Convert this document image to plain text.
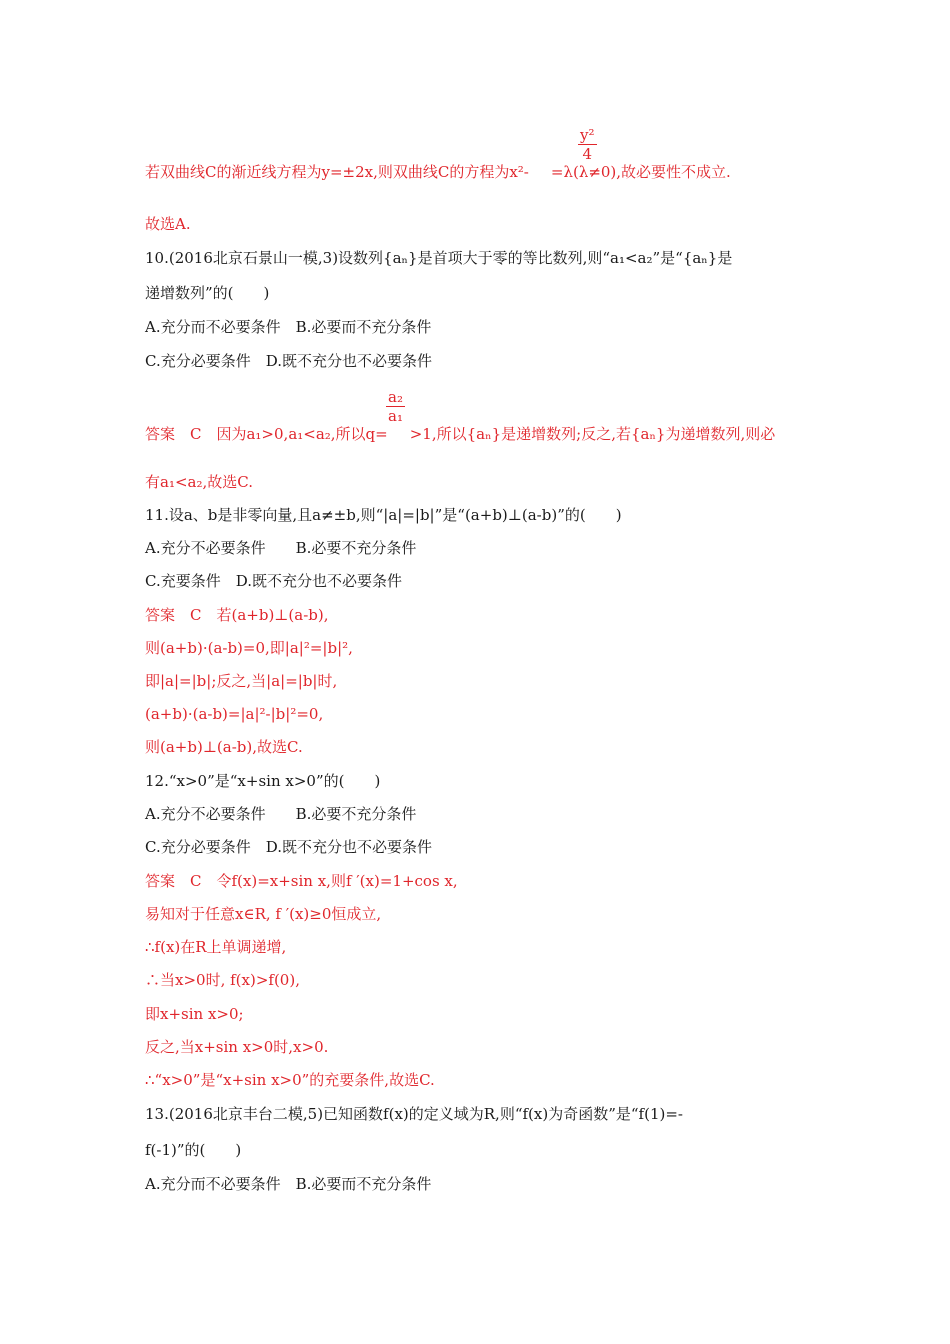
$\frac{\text{y²}}{4}$
若双曲线C的渐近线方程为y=±2x,则双曲线C的方程为x²- =λ(λ≠0),故必要性不成立.
故选A.
10.(2016北京石景山一模,3)设数列{aₙ}是首项大于零的等比数列,则“a₁<a₂”是“{aₙ}是
递增数列”的(　　)
A.充分而不必要条件　B.必要而不充分条件
C.充分必要条件　D.既不充分也不必要条件
$\frac{\text{a₂}}{\text{a₁}}$
答案　C　因为a₁>0,a₁<a₂,所以q= >1,所以{aₙ}是递增数列;反之,若{aₙ}为递增数列,则必
有a₁<a₂,故选C.
11.设a、b是非零向量,且a≠±b,则“|a|=|b|”是“(a+b)⊥(a-b)”的(　　)
A.充分不必要条件　　B.必要不充分条件
C.充要条件　D.既不充分也不必要条件
答案　C　若(a+b)⊥(a-b),
则(a+b)·(a-b)=0,即|a|²=|b|²,
即|a|=|b|;反之,当|a|=|b|时,
(a+b)·(a-b)=|a|²-|b|²=0,
则(a+b)⊥(a-b),故选C.
12.“x>0”是“x+sin x>0”的(　　)
A.充分不必要条件　　B.必要不充分条件
C.充分必要条件　D.既不充分也不必要条件
答案　C　令f(x)=x+sin x,则f ′(x)=1+cos x,
易知对于任意x∈R, f ′(x)≥0恒成立,
∴f(x)在R上单调递增,
∴当x>0时, f(x)>f(0),
即x+sin x>0;
反之,当x+sin x>0时,x>0.
∴“x>0”是“x+sin x>0”的充要条件,故选C.
13.(2016北京丰台二模,5)已知函数f(x)的定义域为R,则“f(x)为奇函数”是“f(1)=-
f(-1)”的(　　)
A.充分而不必要条件　B.必要而不充分条件
